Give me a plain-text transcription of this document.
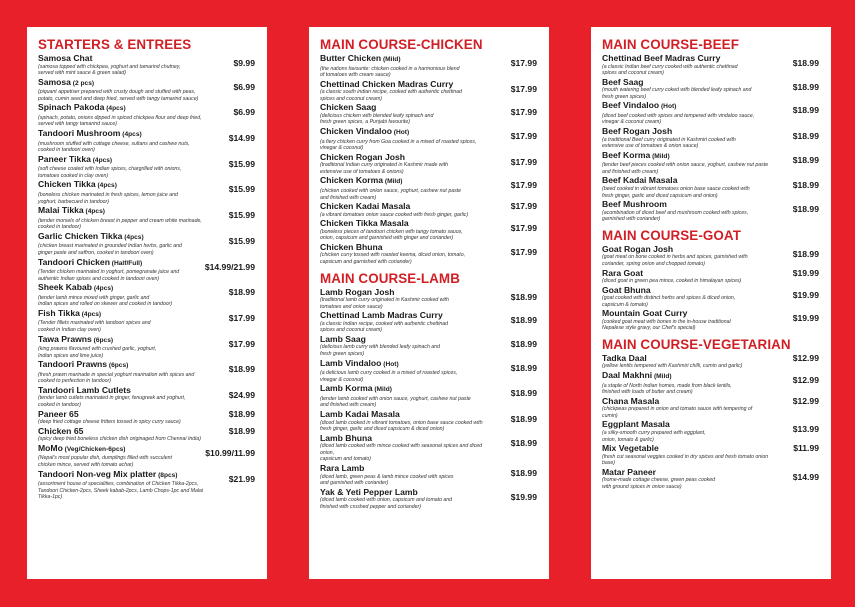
STARTERS & ENTREES
Samosa Chat
(samosa topped with chickpea, yoghurt and tamarind chutney,
served with mint sauce & green salad)
$9.99
Samosa (2 pcs)
(piquant appetiser prepared with crusty dough and stuffed with peas,
potato, cumin seed and deep fried, served with tangy tamarind sauce)
$6.99
Spinach Pakoda (4pcs)
(spinach, potato, onions dipped in spiced chickpea flour and deep fried,
served with tangy tamarind sauce)
$6.99
Tandoori Mushroom (4pcs)
(mushroom stuffed with cottage cheese, sultans and cashew nuts,
cooked in tandoori oven)
$14.99
Paneer Tikka (4pcs)
(soft cheese coated with Indian spices, chargrilled with onions,
tomatoes cooked in clay oven)
$15.99
Chicken Tikka (4pcs)
(boneless chicken marinated in fresh spices, lemon juice and
yoghurt, barbecued in tandoor)
$15.99
Malai Tikka (4pcs)
(tender morsels of chicken breast in pepper and cream white marinade,
cooked in tandoor)
$15.99
Garlic Chicken Tikka (4pcs)
(chicken breast marinated in grounded Indian herbs, garlic and
ginger paste and saffron, cooked in tandoori oven)
$15.99
Tandoori Chicken (Half/Full)
(Tender chicken marinated in yoghurt, pomegranate juice and
authentic Indian spices and cooked in tandoori oven)
$14.99/21.99
Sheek Kabab (4pcs)
(tender lamb mince mixed with ginger, garlic and
Indian spices and rolled on skewer and cooked in tandoor)
$18.99
Fish Tikka (4pcs)
(Tender fillets marinated with tandoori spices and
cooked in Indian clay oven)
$17.99
Tawa Prawns (6pcs)
(king prawns flavoured with crushed garlic, yoghurt,
Indian spices and lime juice)
$17.99
Tandoori Prawns (6pcs)
(fresh prawn marinade in special yoghurt marination with spices and
cooked to perfection in tandoor)
$18.99
Tandoori Lamb Cutlets
(tender lamb cutlets marinated in ginger, fenugreek and yoghurt,
cooked in tandoor)
$24.99
Paneer 65
(deep fried cottage cheese fritters tossed in spicy curry sauce)
$18.99
Chicken 65
(spicy deep fried boneless chicken dish originaged from Chennai India)
$18.99
MoMo (Veg/Chicken-6pcs)
(Nepal's most popular dish, dumplings filled with succulent
chicken mince, served with tomato achar)
$10.99/11.99
Tandoori Non-veg Mix platter (8pcs)
(assortment house of specialities, combination of Chicken Tikka-2pcs,
Tandoori Chicken-2pcs, Sheek kabab-2pcs, Lamb Chops-1pc and Malai Tikka-1pc)
$21.99
MAIN COURSE-CHICKEN
Butter Chicken (Mild)
(the nations favourite: chicken cooked in a harmonious blend
of tomatoes with cream sauce)
$17.99
Chettinad Chicken Madras Curry
(a classic south indian recipe, cooked with authentic chettinad
spices and coconut cream)
$17.99
Chicken Saag
(delicious chicken with blended leafy spinach and
fresh green spices, a Punjabi favourite)
$17.99
Chicken Vindaloo (Hot)
(a fiery chicken curry from Goa cooked in a mixed of roasted spices,
vinegar & coconut)
$17.99
Chicken Rogan Josh
(traditional Indian curry originated in Kashmir made with
extensive use of tomatoes & onions)
$17.99
Chicken Korma (Mild)
(chicken cooked with onion sauce, yoghurt, cashew nut paste
and finished with cream)
$17.99
Chicken Kadai Masala
(a vibrant tomatoes onion sauce cooked with fresh ginger, garlic)
$17.99
Chicken Tikka Masala
(boneless pieces of tandoori chicken with tangy tomato sauce,
onion, capsicum and garnished with ginger and coriander)
$17.99
Chicken Bhuna
(chicken curry tossed with roasted keema, diced onion, tomato,
capsicum and garnished with coriander)
$17.99
MAIN COURSE-LAMB
Lamb Rogan Josh
(traditional lamb curry originated in Kashmir cooked with
tomatoes and onion sauce)
$18.99
Chettinad Lamb Madras Curry
(a classic Indian recipe, cooked with authentic chettinad
spices and coconut cream)
$18.99
Lamb Saag
(delicious lamb curry with blended leafy spinach and
fresh green spices)
$18.99
Lamb Vindaloo (Hot)
(a delicious lamb curry cooked in a mixed of roasted spices,
vinegar & coconut)
$18.99
Lamb Korma (Mild)
(tender lamb cooked with onion sauce, yoghurt, cashew nut paste
and finished with cream)
$18.99
Lamb Kadai Masala
(diced lamb cooked in vibrant tomatoes, onion base sauce cooked with
fresh ginger, garlic and diced capsicum & diced onion)
$18.99
Lamb Bhuna
(diced lamb cooked with mince cooked with seasonal spices and diced onion,
capsicum and tomato)
$18.99
Rara Lamb
(diced lamb, green peas & lamb mince cooked with spices
and garnished with coriander)
$18.99
Yak & Yeti Pepper Lamb
(diced lamb cooked with onion, capsicum and tomato and
finished with crushed pepper and coriander)
$19.99
MAIN COURSE-BEEF
Chettinad Beef Madras Curry
(a classic Indian beef curry cooked with authentic chettinad
spices and coconut cream)
$18.99
Beef Saag
(mouth watering beef curry coked with blended leafy spinach and
fresh green spices)
$18.99
Beef Vindaloo (Hot)
(diced beef cooked with spices and tempered with vindaloo sauce,
vinegar & coconut cream)
$18.99
Beef Rogan Josh
(a traditional Beef curry originated in Kashmiri cooked with
extensive use of tomatoes & onion sauce)
$18.99
Beef Korma (Mild)
(tender beef pieces cooked with onion sauce, yoghurt, cashew nut paste
and finished with cream)
$18.99
Beef Kadai Masala
(beed cooked in vibrant tomatoes onion base sauce cooked with
fresh ginger, garlic and diced capsicum and onion)
$18.99
Beef Mushroom
(acombination of diced beef and mushroom cooked with spices,
garnished with coriander)
$18.99
MAIN COURSE-GOAT
Goat Rogan Josh
(goat meat on bone cooked in herbs and spices, garnished with
coriander, spring onion and chopped tomato)
$18.99
Rara Goat
(diced goat in green pea mince, cooked in himalayan spices)
$19.99
Goat Bhuna
(goat cooked with distinct herbs and spices & diced onion,
capsicum & tomato)
$19.99
Mountain Goat Curry
(cooked goat meat with bones in the in-house traditional
Nepalese style gravy, our Chef's special)
$19.99
MAIN COURSE-VEGETARIAN
Tadka Daal
(yellow lentils tempered with Kashmiri chilli, cumin and garlic)
$12.99
Daal Makhni (Mild)
(a staple of North Indian homes, made from black lentils,
finished with loads of butter and cream)
$12.99
Chana Masala
(chickpeas prepared in onion and tomato sauce with tempering of cumin)
$12.99
Eggplant Masala
(a silky-smooth curry prepared with eggplant,
onion, tomato & garlic)
$13.99
Mix Vegetable
(fresh cut seasonal veggies cooked in dry spices and fresh tomato onion base)
$11.99
Matar Paneer
(home-made cottage cheese, green peas cooked
with ground spices in onion sauce)
$14.99
